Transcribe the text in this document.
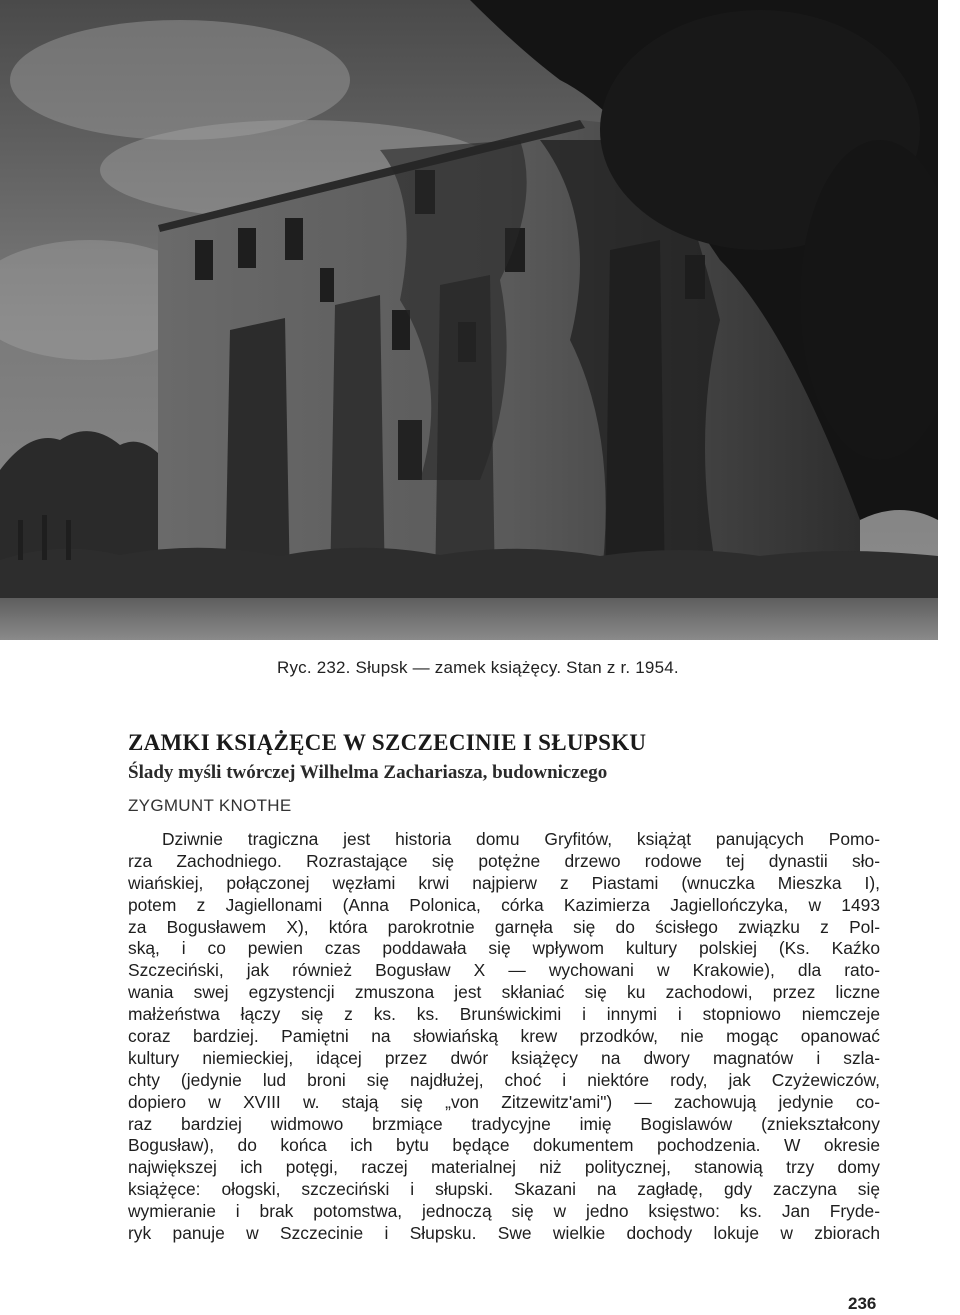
Ryc. 232. Słupsk — zamek książęcy. Stan z r. 1954.
ZAMKI KSIĄŻĘCE W SZCZECINIE I SŁUPSKU
Ślady myśli twórczej Wilhelma Zachariasza, budowniczego
ZYGMUNT KNOTHE
Dziwnie tragiczna jest historia domu Gryfitów, książąt panujących Pomo-
rza Zachodniego. Rozrastające się potężne drzewo rodowe tej dynastii sło-
wiańskiej, połączonej węzłami krwi najpierw z Piastami (wnuczka Mieszka I),
potem z Jagiellonami (Anna Polonica, córka Kazimierza Jagiellończyka, w 1493
za Bogusławem X), która parokrotnie garnęła się do ścisłego związku z Pol-
ską, i co pewien czas poddawała się wpływom kultury polskiej (Ks. Kaźko
Szczeciński, jak również Bogusław X — wychowani w Krakowie), dla rato-
wania swej egzystencji zmuszona jest skłaniać się ku zachodowi, przez liczne
małżeństwa łączy się z ks. ks. Brunświckimi i innymi i stopniowo niemczeje
coraz bardziej. Pamiętni na słowiańską krew przodków, nie mogąc opanować
kultury niemieckiej, idącej przez dwór książęcy na dwory magnatów i szla-
chty (jedynie lud broni się najdłużej, choć i niektóre rody, jak Czyżewiczów,
dopiero w XVIII w. stają się „von Zitzewitz'ami") — zachowują jedynie co-
raz bardziej widmowo brzmiące tradycyjne imię Bogislawów (zniekształcony
Bogusław), do końca ich bytu będące dokumentem pochodzenia. W okresie
największej ich potęgi, raczej materialnej niż politycznej, stanowią trzy domy
książęce: ołogski, szczeciński i słupski. Skazani na zagładę, gdy zaczyna się
wymieranie i brak potomstwa, jednoczą się w jedno księstwo: ks. Jan Fryde-
ryk panuje w Szczecinie i Słupsku. Swe wielkie dochody lokuje w zbiorach
236
